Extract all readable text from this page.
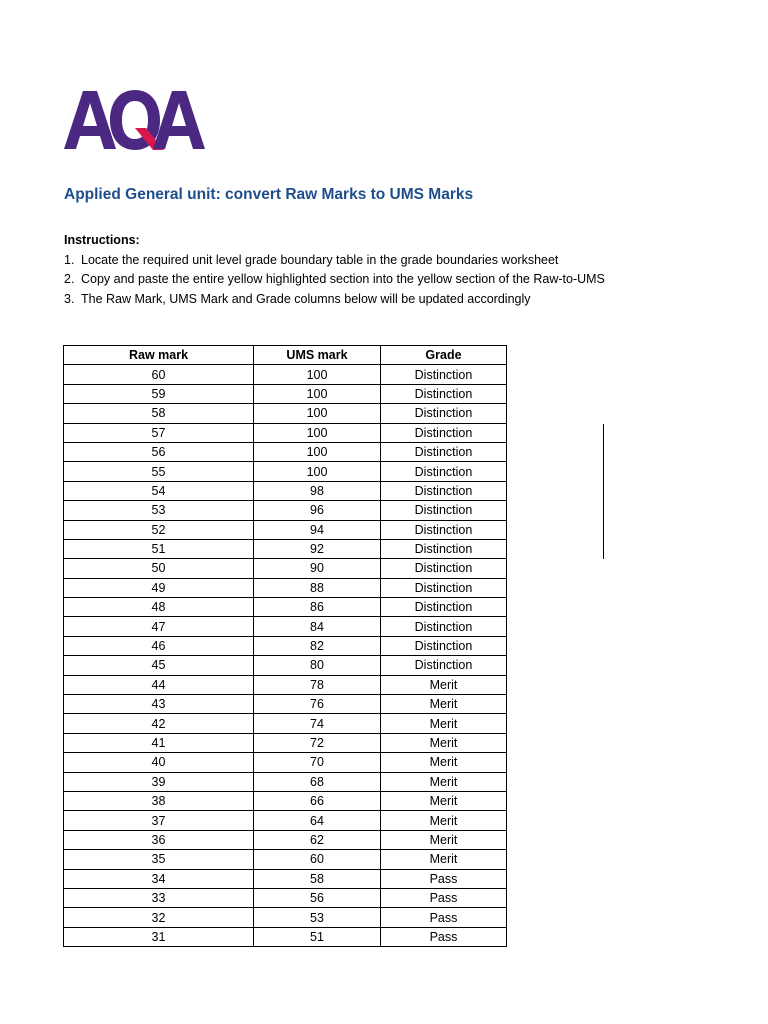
Applied General unit: convert Raw Marks to UMS Marks
Instructions:
1. Locate the required unit level grade boundary table in the grade boundaries worksheet
2. Copy and paste the entire yellow highlighted section into the yellow section of the Raw-to-UMS
3. The Raw Mark, UMS Mark and Grade columns below will be updated accordingly
Raw mark	UMS mark	Grade
60	100	Distinction
59	100	Distinction
58	100	Distinction
57	100	Distinction
56	100	Distinction
55	100	Distinction
54	98	Distinction
53	96	Distinction
52	94	Distinction
51	92	Distinction
50	90	Distinction
49	88	Distinction
48	86	Distinction
47	84	Distinction
46	82	Distinction
45	80	Distinction
44	78	Merit
43	76	Merit
42	74	Merit
41	72	Merit
40	70	Merit
39	68	Merit
38	66	Merit
37	64	Merit
36	62	Merit
35	60	Merit
34	58	Pass
33	56	Pass
32	53	Pass
31	51	Pass
